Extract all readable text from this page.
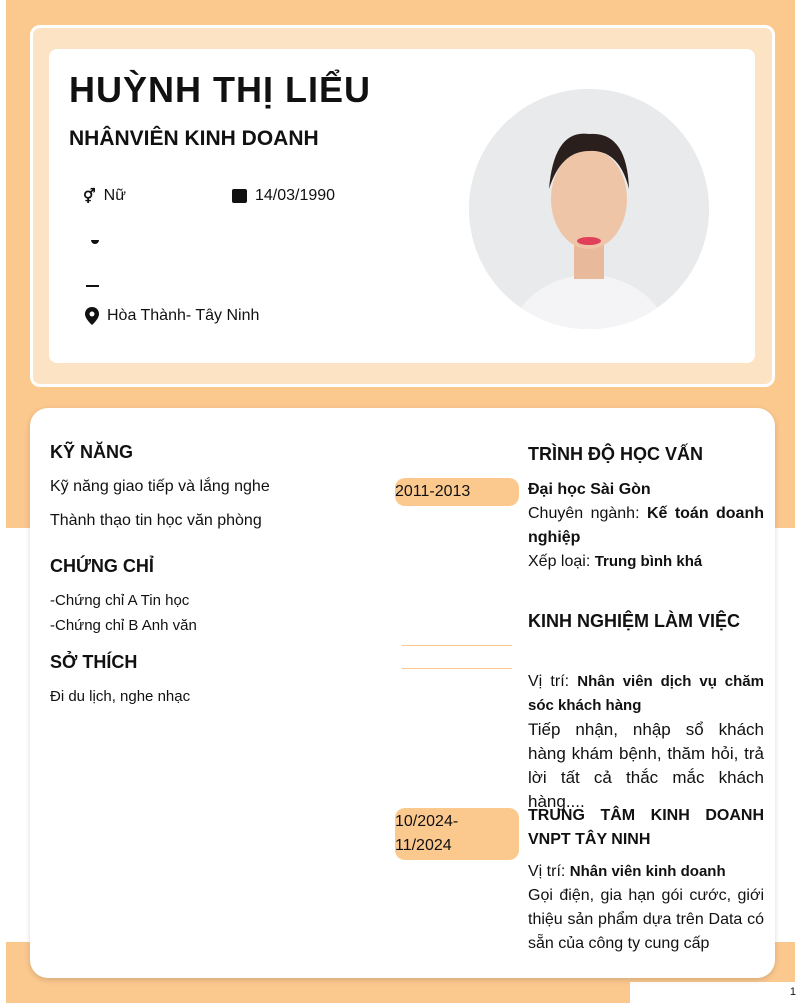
1
HUỲNH THỊ LIỂU
NHÂNVIÊN KINH DOANH
⚥ Nữ	14/03/1990
Hòa Thành- Tây Ninh
KỸ NĂNG
Kỹ năng giao tiếp và lắng nghe
Thành thạo tin học văn phòng
CHỨNG CHỈ
-Chứng chỉ A Tin học
-Chứng chỉ B Anh văn
SỞ THÍCH
Đi du lịch, nghe nhạc
TRÌNH ĐỘ HỌC VẤN
2011-2013	Đại học Sài Gòn
Chuyên ngành: Kế toán doanh nghiệp
Xếp loại: Trung bình khá
KINH NGHIỆM LÀM VIỆC
Vị trí: Nhân viên dịch vụ chăm sóc khách hàng
Tiếp nhận, nhập sổ khách hàng khám bệnh, thăm hỏi, trả lời tất cả thắc mắc khách hàng....
10/2024- 11/2024
TRUNG TÂM KINH DOANH VNPT TÂY NINH
Vị trí: Nhân viên kinh doanh
Gọi điện, gia hạn gói cước, giới thiệu sản phẩm dựa trên Data có sẵn của công ty cung cấp
